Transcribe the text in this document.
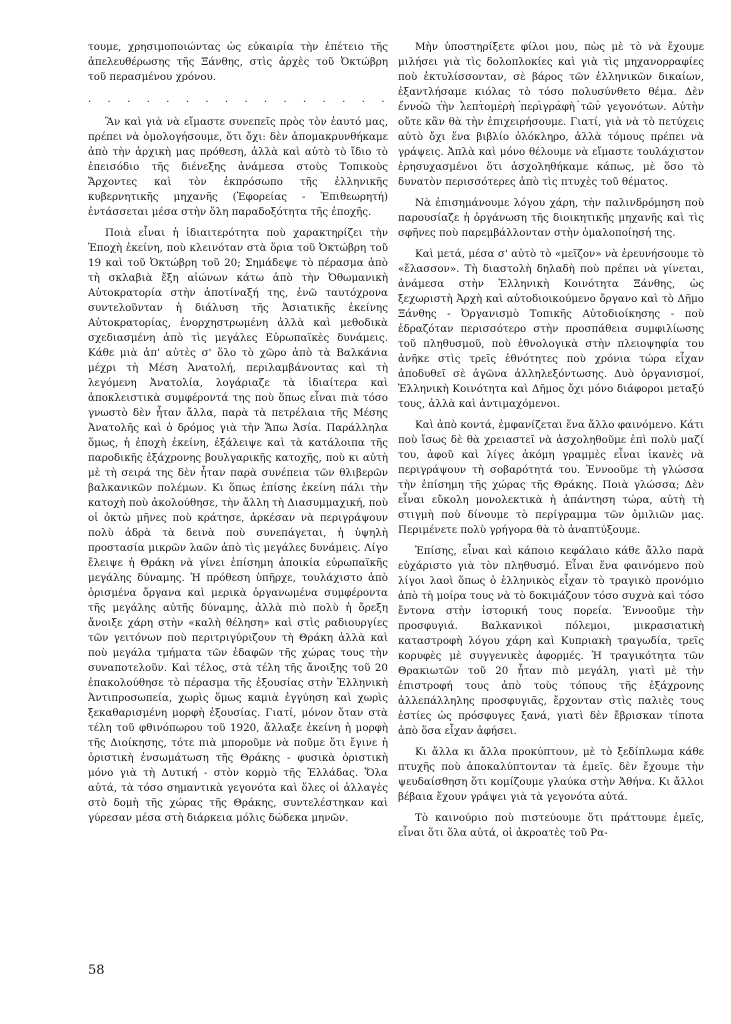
τουμε, χρησιμοποιώντας ὡς εὐκαιρία τὴν ἐπέτειο τῆς ἀπελευθέρωσης τῆς Ξάνθης, στὶς ἀρχὲς τοῦ Ὀκτώβρη τοῦ περασμένου χρόνου.

. . . . . . . . . . . . . . . . . . . . . . . . . . .

Ἂν καὶ γιὰ νὰ εἴμαστε συνεπεῖς πρὸς τὸν ἑαυτό μας, πρέπει νὰ ὁμολογήσουμε, ὅτι ὄχι: δὲν ἀπομακρυνθήκαμε ἀπὸ τὴν ἀρχικὴ μας πρόθεση, ἀλλὰ καὶ αὐτὸ τὸ ἴδιο τὸ ἐπεισόδιο τῆς διένεξης ἀνάμεσα στοὺς Τοπικοὺς Ἄρχοντες καὶ τὸν ἐκπρόσωπο τῆς ἑλληνικῆς κυβερνητικῆς μηχανῆς (Ἐφορείας - Ἐπιθεωρητή) ἐντάσσεται μέσα στὴν ὅλη παραδοξότητα τῆς ἐποχῆς.

Ποιὰ εἶναι ἡ ἰδιαιτερότητα ποὺ χαρακτηρίζει τὴν Ἐποχὴ ἐκείνη, ποὺ κλεινόταν στὰ ὅρια τοῦ Ὀκτώβρη τοῦ 19 καὶ τοῦ Ὀκτώβρη τοῦ 20; Σημάδεψε τὸ πέρασμα ἀπὸ τὴ σκλαβιὰ ἔξη αἰώνων κάτω ἀπὸ τὴν Ὀθωμανικὴ Αὐτοκρατορία στὴν ἀποτίναξή της, ἐνῶ ταυτόχρονα συντελοῦνταν ἡ διάλυση τῆς Ἀσιατικῆς ἐκείνης Αὐτοκρατορίας, ἐνορχηστρωμένη ἀλλὰ καὶ μεθοδικὰ σχεδιασμένη ἀπὸ τὶς μεγάλες Εὐρωπαϊκὲς δυνάμεις. Κάθε μιὰ ἀπ' αὐτὲς σ' ὅλο τὸ χῶρο ἀπὸ τὰ Βαλκάνια μέχρι τὴ Μέση Ἀνατολή, περιλαμβάνοντας καὶ τὴ λεγόμενη Ἀνατολία, λογάριαζε τὰ ἰδιαίτερα καὶ ἀποκλειστικὰ συμφέροντά της ποὺ ὅπως εἶναι πιὰ τόσο γνωστὸ δὲν ἦταν ἄλλα, παρὰ τὰ πετρέλαια τῆς Μέσης Ἀνατολῆς καὶ ὁ δρόμος γιὰ τὴν Ἄπω Ἀσία. Παράλληλα ὅμως, ἡ ἐποχὴ ἐκείνη, ἐξάλειψε καὶ τὰ κατάλοιπα τῆς παροδικῆς ἐξάχρονης βουλγαρικῆς κατοχῆς, ποὺ κι αὐτὴ μὲ τὴ σειρά της δὲν ἦταν παρὰ συνέπεια τῶν θλιβερῶν βαλκανικῶν πολέμων. Κι ὅπως ἐπίσης ἐκείνη πάλι τὴν κατοχὴ ποὺ ἀκολούθησε, τὴν ἄλλη τὴ Διασυμμαχική, ποὺ οἱ ὀκτὼ μῆνες ποὺ κράτησε, ἀρκέσαν νὰ περιγράψουν πολὺ ἀδρὰ τὰ δεινὰ ποὺ συνεπάγεται, ἡ ὑψηλὴ προστασία μικρῶν λαῶν ἀπὸ τὶς μεγάλες δυνάμεις. Λίγο ἔλειψε ἡ Θράκη νὰ γίνει ἐπίσημη ἀποικία εὐρωπαϊκῆς μεγάλης δύναμης. Ἡ πρόθεση ὑπῆρχε, τουλάχιστο ἀπὸ ὁρισμένα ὄργανα καὶ μερικὰ ὀργανωμένα συμφέροντα τῆς μεγάλης αὐτῆς δύναμης, ἀλλὰ πιὸ πολὺ ἡ ὄρεξη ἄνοιξε χάρη στὴν «καλὴ θέληση» καὶ στὶς ραδιουργίες τῶν γειτόνων ποὺ περιτριγύριζουν τὴ Θράκη ἀλλὰ καὶ ποὺ μεγάλα τμήματα τῶν ἐδαφῶν τῆς χώρας τους τὴν συναποτελοῦν. Καὶ τέλος, στὰ τέλη τῆς ἄνοιξης τοῦ 20 ἐπακολούθησε τὸ πέρασμα τῆς ἐξουσίας στὴν Ἑλληνικὴ Ἀντιπροσωπεία, χωρὶς ὅμως καμιὰ ἐγγύηση καὶ χωρὶς ξεκαθαρισμένη μορφὴ ἐξουσίας. Γιατί, μόνον ὅταν στὰ τέλη τοῦ φθινόπωρου τοῦ 1920, ἄλλαξε ἐκείνη ἡ μορφὴ τῆς Διοίκησης, τότε πιὰ μποροῦμε νὰ ποῦμε ὅτι ἔγινε ἡ ὁριστικὴ ἐνσωμάτωση τῆς Θράκης - φυσικὰ ὁριστικὴ μόνο γιὰ τὴ Δυτική - στὸν κορμὸ τῆς Ἑλλάδας. Ὅλα αὐτά, τὰ τόσο σημαντικὰ γεγονότα καὶ ὅλες οἱ ἀλλαγὲς στὸ δομὴ τῆς χώρας τῆς Θράκης, συντελέστηκαν καὶ γύρεσαν μέσα στὴ διάρκεια μόλις δώδεκα μηνῶν.

Μὴν ὑποστηρίξετε φίλοι μου, πὼς μὲ τὸ νὰ ἔχουμε μιλήσει γιὰ τὶς δολοπλοκίες καὶ γιὰ τὶς μηχανορραφίες ποὺ ἐκτυλίσσονταν, σὲ βάρος τῶν ἑλληνικῶν δικαίων, ἐξαντλήσαμε κιόλας τὸ τόσο πολυσύνθετο θέμα. Δὲν ἐννοῶ τὴν λεπτομερὴ περιγραφὴ τῶν γεγονότων. Αὐτὴν οὔτε κἂν θὰ τὴν ἐπιχειρήσουμε. Γιατί, γιὰ νὰ τὸ πετύχεις αὐτὸ ὄχι ἕνα βιβλίο ὁλόκληρο, ἀλλὰ τόμους πρέπει νὰ γράψεις. Ἀπλὰ καὶ μόνο θέλουμε νὰ εἴμαστε τουλάχιστον ἐρησυχασμένοι ὅτι ἀσχοληθήκαμε κάπως, μὲ ὅσο τὸ δυνατὸν περισσότερες ἀπὸ τὶς πτυχὲς τοῦ θέματος.

Νὰ ἐπισημάνουμε λόγου χάρη, τὴν παλινδρόμηση ποὺ παρουσίαζε ἡ ὀργάνωση τῆς διοικητικῆς μηχανῆς καὶ τὶς σφῆνες ποὺ παρεμβάλλονταν στὴν ὁμαλοποίησή της.

Καὶ μετά, μέσα σ' αὐτὸ τὸ «μεῖζον» νὰ ἐρευνήσουμε τὸ «ἔλασσον». Τὴ διαστολὴ δηλαδὴ ποὺ πρέπει νὰ γίνεται, ἀνάμεσα στὴν Ἑλληνικὴ Κοινότητα Ξάνθης, ὡς ξεχωριστὴ Ἀρχὴ καὶ αὐτοδιοικούμενο ὄργανο καὶ τὸ Δῆμο Ξάνθης - Ὀργανισμὸ Τοπικῆς Αὐτοδιοίκησης - ποὺ ἐδραζόταν περισσότερο στὴν προσπάθεια συμφιλίωσης τοῦ πληθυσμοῦ, ποὺ ἐθνολογικὰ στὴν πλειοψηφία του ἀνῆκε στὶς τρεῖς ἐθνότητες ποὺ χρόνια τώρα εἶχαν ἀποδυθεῖ σὲ ἀγῶνα ἀλληλεξόντωσης. Δυὸ ὀργανισμοί, Ἑλληνικὴ Κοινότητα καὶ Δῆμος ὄχι μόνο διάφοροι μεταξύ τους, ἀλλὰ καὶ ἀντιμαχόμενοι.

Καὶ ἀπὸ κοντά, ἐμφανίζεται ἕνα ἄλλο φαινόμενο. Κάτι ποὺ ἴσως δὲ θὰ χρειαστεῖ νὰ ἀσχοληθοῦμε ἐπὶ πολὺ μαζί του, ἀφοῦ καὶ λίγες ἀκόμη γραμμὲς εἶναι ἱκανὲς νὰ περιγράψουν τὴ σοβαρότητά του. Ἐννοοῦμε τὴ γλώσσα τὴν ἐπίσημη τῆς χώρας τῆς Θράκης. Ποιὰ γλώσσα; Δὲν εἶναι εὔκολη μονολεκτικὰ ἡ ἀπάντηση τώρα, αὐτὴ τὴ στιγμὴ ποὺ δίνουμε τὸ περίγραμμα τῶν ὁμιλιῶν μας. Περιμένετε πολὺ γρήγορα θὰ τὸ ἀναπτύξουμε.

Ἐπίσης, εἶναι καὶ κάποιο κεφάλαιο κάθε ἄλλο παρὰ εὐχάριστο γιὰ τὸν πληθυσμό. Εἶναι ἕνα φαινόμενο ποὺ λίγοι λαοὶ ὅπως ὁ ἑλληνικὸς εἶχαν τὸ τραγικὸ προνόμιο ἀπὸ τὴ μοίρα τους νὰ τὸ δοκιμάζουν τόσο συχνὰ καὶ τόσο ἔντονα στὴν ἱστορική τους πορεία. Ἐννοοῦμε τὴν προσφυγιά. Βαλκανικοὶ πόλεμοι, μικρασιατικὴ καταστροφὴ λόγου χάρη καὶ Κυπριακὴ τραγωδία, τρεῖς κορυφὲς μὲ συγγενικὲς ἀφορμές. Ἡ τραγικότητα τῶν Θρακιωτῶν τοῦ 20 ἦταν πιὸ μεγάλη, γιατὶ μὲ τὴν ἐπιστροφή τους ἀπὸ τοὺς τόπους τῆς ἐξάχρονης ἀλλεπάλληλης προσφυγιᾶς, ἔρχονταν στὶς παλιὲς τους ἑστίες ὡς πρόσφυγες ξανά, γιατὶ δὲν ἔβρισκαν τίποτα ἀπὸ ὅσα εἶχαν ἀφήσει.

Κι ἄλλα κι ἄλλα προκύπτουν, μὲ τὸ ξεδίπλωμα κάθε πτυχῆς ποὺ ἀποκαλύπτονταν τὰ ἐμεῖς. δὲν ἔχουμε τὴν ψευδαίσθηση ὅτι κομίζουμε γλαύκα στὴν Ἀθήνα. Κι ἄλλοι βέβαια ἔχουν γράψει γιὰ τὰ γεγονότα αὐτά.

Τὸ καινούριο ποὺ πιστεύουμε ὅτι πράττουμε ἐμεῖς, εἶναι ὅτι ὅλα αὐτά, οἱ ἀκροατὲς τοῦ Ρα-

58
